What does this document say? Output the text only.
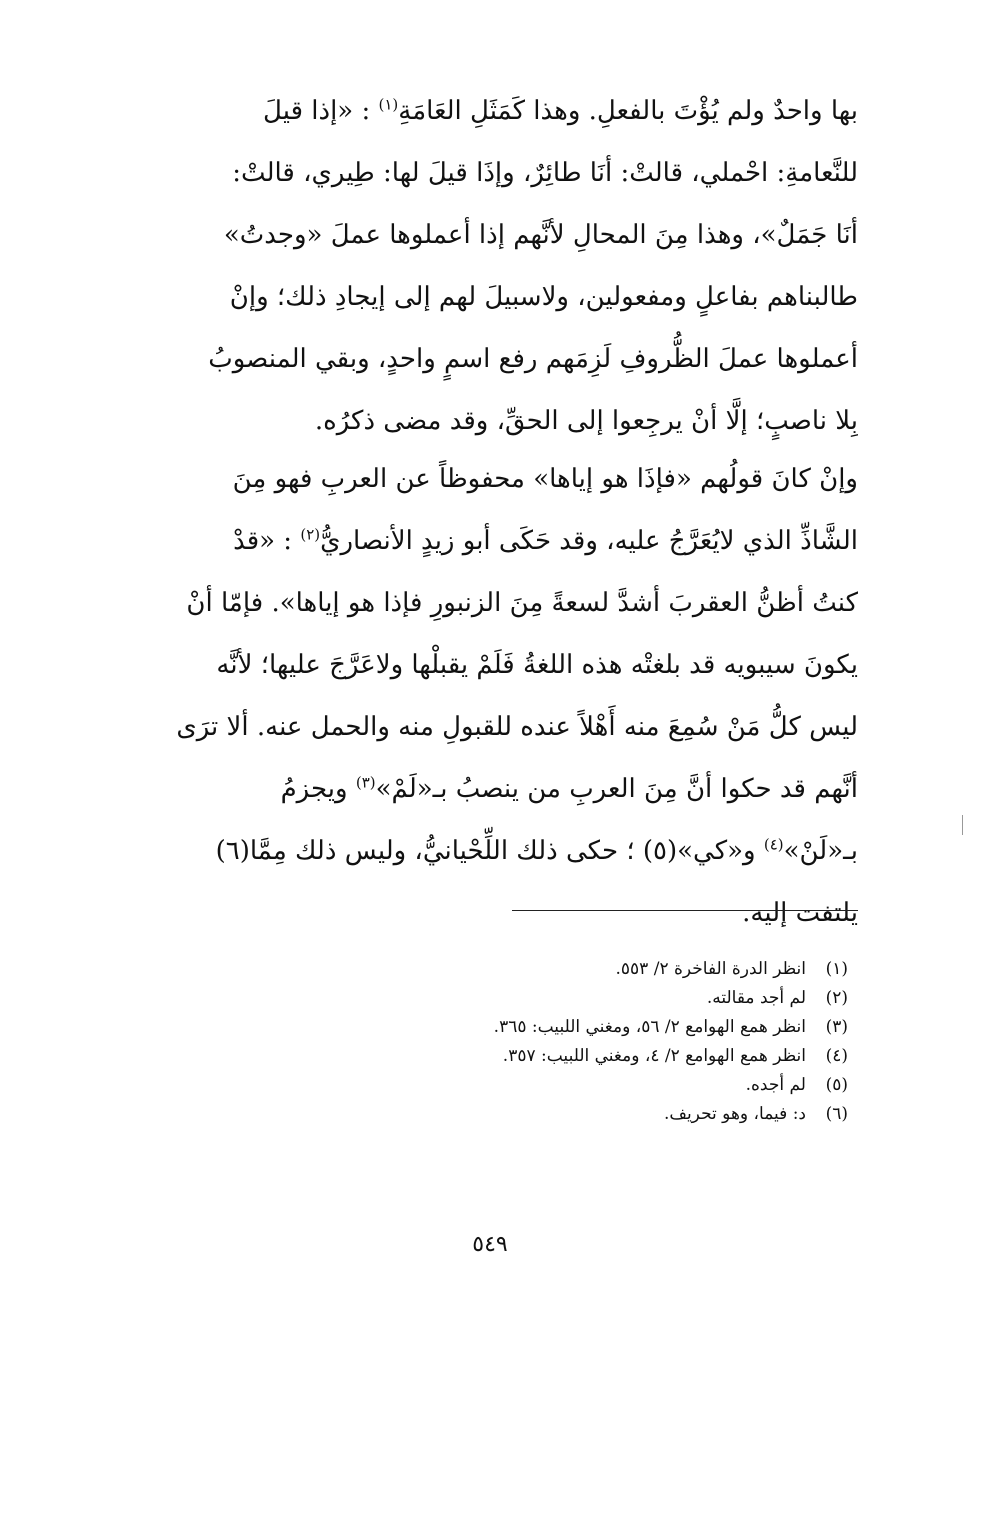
بها واحدٌ ولم يُؤْتَ بالفعلِ. وهذا كَمَثَلِ العَامَةِ$^{(١)}$ : «إذا قيلَ
للنَّعامةِ: احْملي، قالتْ: أنَا طائِرٌ، وإذَا قيلَ لها: طِيري، قالتْ:
أنَا جَمَلٌ»، وهذا مِنَ المحالِ لأنَّهم إذا أعملوها عملَ «وجدتُ»
طالبناهم بفاعلٍ ومفعولين، ولاسبيلَ لهم إلى إيجادِ ذلك؛ وإنْ
أعملوها عملَ الظُّروفِ لَزِمَهم رفع اسمٍ واحدٍ، وبقي المنصوبُ
بِلا ناصبٍ؛ إلَّا أنْ يرجِعوا إلى الحقِّ، وقد مضى ذكرُه.
وإنْ كانَ قولُهم «فإذَا هو إياها» محفوظاً عن العربِ فهو مِنَ
الشَّاذِّ الذي لايُعَرَّجُ عليه، وقد حَكَى أبو زيدٍ الأنصاريُّ$^{(٢)}$ : «قدْ
كنتُ أظنُّ العقربَ أشدَّ لسعةً مِنَ الزنبورِ فإذا هو إياها». فإمّا أنْ
يكونَ سيبويه قد بلغتْه هذه اللغةُ فَلَمْ يقبلْها ولاعَرَّجَ عليها؛ لأنَّه
ليس كلُّ مَنْ سُمِعَ منه أَهْلاً عنده للقبولِ منه والحمل عنه. ألا ترَى
أنَّهم قد حكوا أنَّ مِنَ العربِ من ينصبُ بـ«لَمْ»$^{(٣)}$ ويجزمُ
بـ«لَنْ»$^{(٤)}$ و«كي»(٥) ؛ حكى ذلك اللِّحْيانيُّ، وليس ذلك مِمَّا(٦)
يلتفت إليه.
(١)انظر الدرة الفاخرة ٢/ ٥٥٣.
(٢)لم أجد مقالته.
(٣)انظر همع الهوامع ٢/ ٥٦، ومغني اللبيب: ٣٦٥.
(٤)انظر همع الهوامع ٢/ ٤، ومغني اللبيب: ٣٥٧.
(٥)لم أجده.
(٦)د: فيما، وهو تحريف.
٥٤٩
